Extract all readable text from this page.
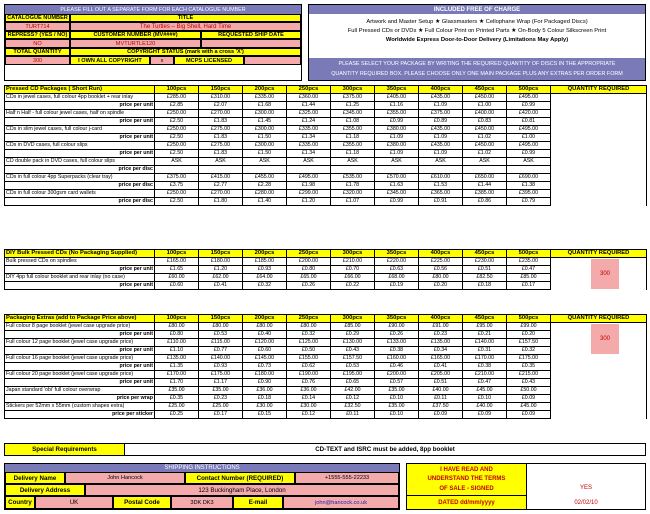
PLEASE FILL OUT A SEPARATE FORM FOR EACH CATALOGUE NUMBER
CATALOGUE NUMBER	TITLE
TURT714	The Turtles – Big Shell, Hard Time
REPRESS? (YES / NO)	CUSTOMER NUMBER (MV####)	REQUESTED SHIP DATE
NO	MVTURTLE120
TOTAL QUANTITY	COPYRIGHT STATUS (mark with a cross 'X')
300	I OWN ALL COPYRIGHT	x	MCPS LICENSED
INCLUDED FREE OF CHARGE
Artwork and Master Setup ★ Glassmasters ★ Cellophane Wrap (For Packaged Discs)
Full Pressed CDs or DVDs ★ Full Colour Print on Printed Parts ★ On-Body 5 Colour Silkscreen Print
Worldwide Express Door-to-Door Delivery (Limitations May Apply)
PLEASE SELECT YOUR PACKAGE BY WRITING THE REQUIRED QUANTITY OF DISCS IN THE APPROPRIATE
QUANTITY REQUIRED BOX. PLEASE CHOOSE ONLY ONE MAIN PACKAGE PLUS ANY EXTRAS PER ORDER FORM
Pressed CD Packages ( Short Run)	100pcs	150pcs	200pcs	250pcs	300pcs	350pcs	400pcs	450pcs	500pcs	QUANTITY REQUIRED
CDs in jewel cases, full colour 4pp booklet + rear inlay	£285.00	£310.00	£335.00	£360.00	£375.00	£405.00	£435.00	£450.00	£495.00	
price per unit	£2.85	£2.07	£1.68	£1.44	£1.25	£1.16	£1.09	£1.00	£0.99	
Half n Half - full colour jewel cases, half on spindle	£250.00	£270.00	£300.00	£325.00	£345.00	£355.00	£375.00	£400.00	£420.00	
price per unit	£2.50	£1.83	£1.45	£1.24	£1.08	£0.99	£0.89	£0.83	£0.81	
CDs in slim jewel cases, full colour j-card	£250.00	£275.00	£300.00	£335.00	£355.00	£380.00	£435.00	£450.00	£495.00	
price per unit	£2.50	£1.83	£1.50	£1.34	£1.18	£1.09	£1.09	£1.02	£1.00	
CDs in DVD cases, full colour slips	£250.00	£275.00	£300.00	£335.00	£355.00	£380.00	£435.00	£450.00	£495.00	
price per unit	£2.50	£1.83	£1.50	£1.34	£1.18	£1.09	£1.09	£1.02	£0.99	
CD double pack in DVD cases, full colour slips	ASK	ASK	ASK	ASK	ASK	ASK	ASK	ASK	ASK	
price per disc										
CDs in full colour 4pp Superpacks (clear tray)	£375.00	£415.00	£455.00	£495.00	£535.00	£570.00	£610.00	£650.00	£690.00	
price per disc	£3.75	£2.77	£2.28	£1.98	£1.78	£1.63	£1.53	£1.44	£1.38	
CDs in full colour 300gsm card wallets	£250.00	£270.00	£280.00	£299.00	£320.00	£345.00	£365.00	£385.00	£395.00	
price per disc	£2.50	£1.80	£1.40	£1.20	£1.07	£0.99	£0.91	£0.86	£0.79	
DIY Bulk Pressed CDs (No Packaging Supplied)	100pcs	150pcs	200pcs	250pcs	300pcs	350pcs	400pcs	450pcs	500pcs	QUANTITY REQUIRED
Bulk pressed CDs on spindles	£165.00	£180.00	£185.00	£200.00	£210.00	£220.00	£225.00	£230.00	£235.00	
price per unit	£1.65	£1.20	£0.93	£0.80	£0.70	£0.63	£0.56	£0.51	£0.47	
DIY 4pp full colour booklet and rear inlay (no case)	£60.00	£62.00	£64.00	£65.00	£66.00	£68.00	£80.00	£82.50	£85.00	
price per unit	£0.60	£0.41	£0.32	£0.26	£0.22	£0.19	£0.20	£0.18	£0.17	
Packaging Extras (add to Package Price above)	100pcs	150pcs	200pcs	250pcs	300pcs	350pcs	400pcs	450pcs	500pcs	QUANTITY REQUIRED
Full colour 8 page booklet (jewel case upgrade price)	£80.00	£80.00	£80.00	£80.00	£85.00	£90.00	£91.00	£95.00	£99.00	
price per unit	£0.80	£0.53	£0.40	£0.32	£0.29	£0.26	£0.23	£0.21	£0.20	
Full colour 12 page booklet (jewel case upgrade price)	£110.00	£115.00	£120.00	£125.00	£130.00	£133.00	£135.00	£140.00	£157.50	
price per unit	£1.10	£0.77	£0.60	£0.50	£0.43	£0.38	£0.34	£0.31	£0.32	
Full colour 16 page booklet (jewel case upgrade price)	£135.00	£140.00	£145.00	£155.00	£157.50	£160.00	£165.00	£170.00	£175.00	
price per unit	£1.35	£0.93	£0.73	£0.62	£0.53	£0.46	£0.41	£0.38	£0.35	
Full colour 20 page booklet (jewel case upgrade price)	£170.00	£175.00	£180.00	£190.00	£195.00	£200.00	£205.00	£210.00	£215.00	
price per unit	£1.70	£1.17	£0.90	£0.76	£0.65	£0.57	£0.51	£0.47	£0.43	
Japan standard 'obi' full colour overwrap	£35.00	£35.00	£36.00	£36.00	£42.00	£35.00	£40.00	£45.00	£50.00	
price per wrap	£0.35	£0.23	£0.18	£0.14	£0.12	£0.10	£0.11	£0.10	£0.09	
Stickers per 52mm x 55mm (custom shapes extra)	£25.00	£25.00	£30.00	£30.00	£32.50	£35.00	£37.50	£40.00	£45.00	
price per sticker	£0.25	£0.17	£0.15	£0.12	£0.11	£0.10	£0.09	£0.09	£0.09	
300
300
Special Requirements	CD-TEXT and ISRC must be added, 8pp booklet
SHIPPING INSTRUCTIONS
Delivery Name	John Hancock	Contact Number (REQUIRED)	+1555-555-22233
Delivery Address	123 Buckingham Place, London
Country	UK	Postal Code	3DK DK3	E-mail	john@hancock.co.uk
I HAVE READ AND
UNDERSTAND THE TERMS
OF SALE - SIGNED	YES
DATED dd/mm/yyyy	02/02/10
